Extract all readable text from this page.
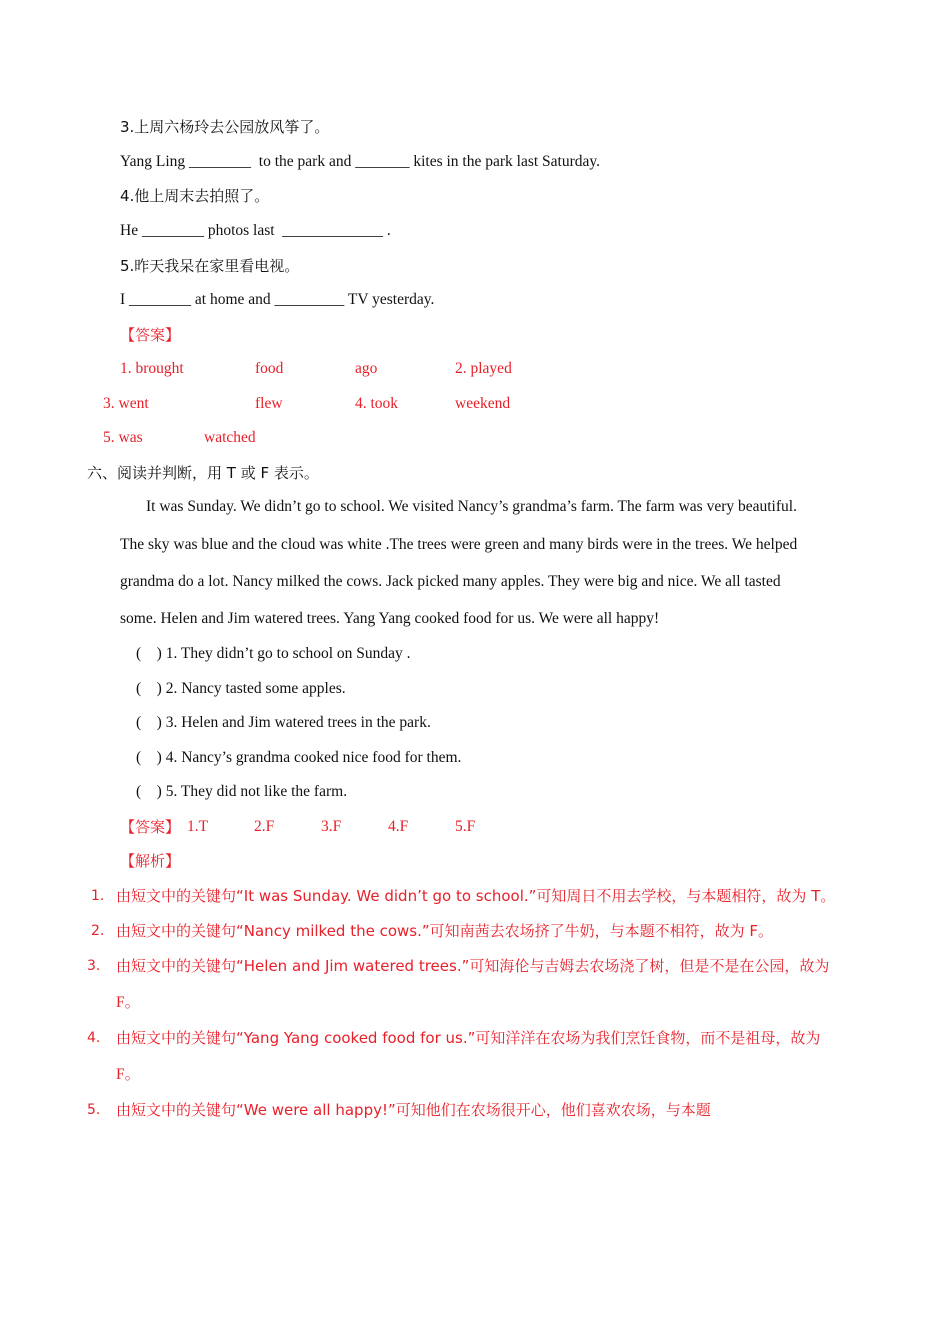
3.上周六杨玲去公园放风筝了。
Yang Ling ________  to the park and _______ kites in the park last Saturday.
4.他上周末去拍照了。
He ________ photos last  _____________ .
5.昨天我呆在家里看电视。
I ________ at home and _________ TV yesterday.
【答案】
1. brought	food	ago	2. played
3. went	flew	4. took	weekend
5. was	watched
六、阅读并判断，用 T 或 F 表示。
It was Sunday. We didn’t go to school. We visited Nancy’s grandma’s farm. The farm was very beautiful.
The sky was blue and the cloud was white .The trees were green and many birds were in the trees. We helped
grandma do a lot. Nancy milked the cows. Jack picked many apples. They were big and nice. We all tasted
some. Helen and Jim watered trees. Yang Yang cooked food for us. We were all happy!
(    ) 1. They didn’t go to school on Sunday .
(    ) 2. Nancy tasted some apples.
(    ) 3. Helen and Jim watered trees in the park.
(    ) 4. Nancy’s grandma cooked nice food for them.
(    ) 5. They did not like the farm.
【答案】 1.T	2.F	3.F	4.F	5.F
【解析】
1. 由短文中的关键句“It was Sunday. We didn’t go to school.”可知周日不用去学校，与本题相符，故为 T。
2. 由短文中的关键句“Nancy milked the cows.”可知南茜去农场挤了牛奶，与本题不相符，故为 F。
3. 由短文中的关键句“Helen and Jim watered trees.”可知海伦与吉姆去农场浇了树，但是不是在公园，故为
F。
4. 由短文中的关键句“Yang Yang cooked food for us.”可知洋洋在农场为我们烹饪食物，而不是祖母，故为
F。
5. 由短文中的关键句“We were all happy!”可知他们在农场很开心，他们喜欢农场，与本题
